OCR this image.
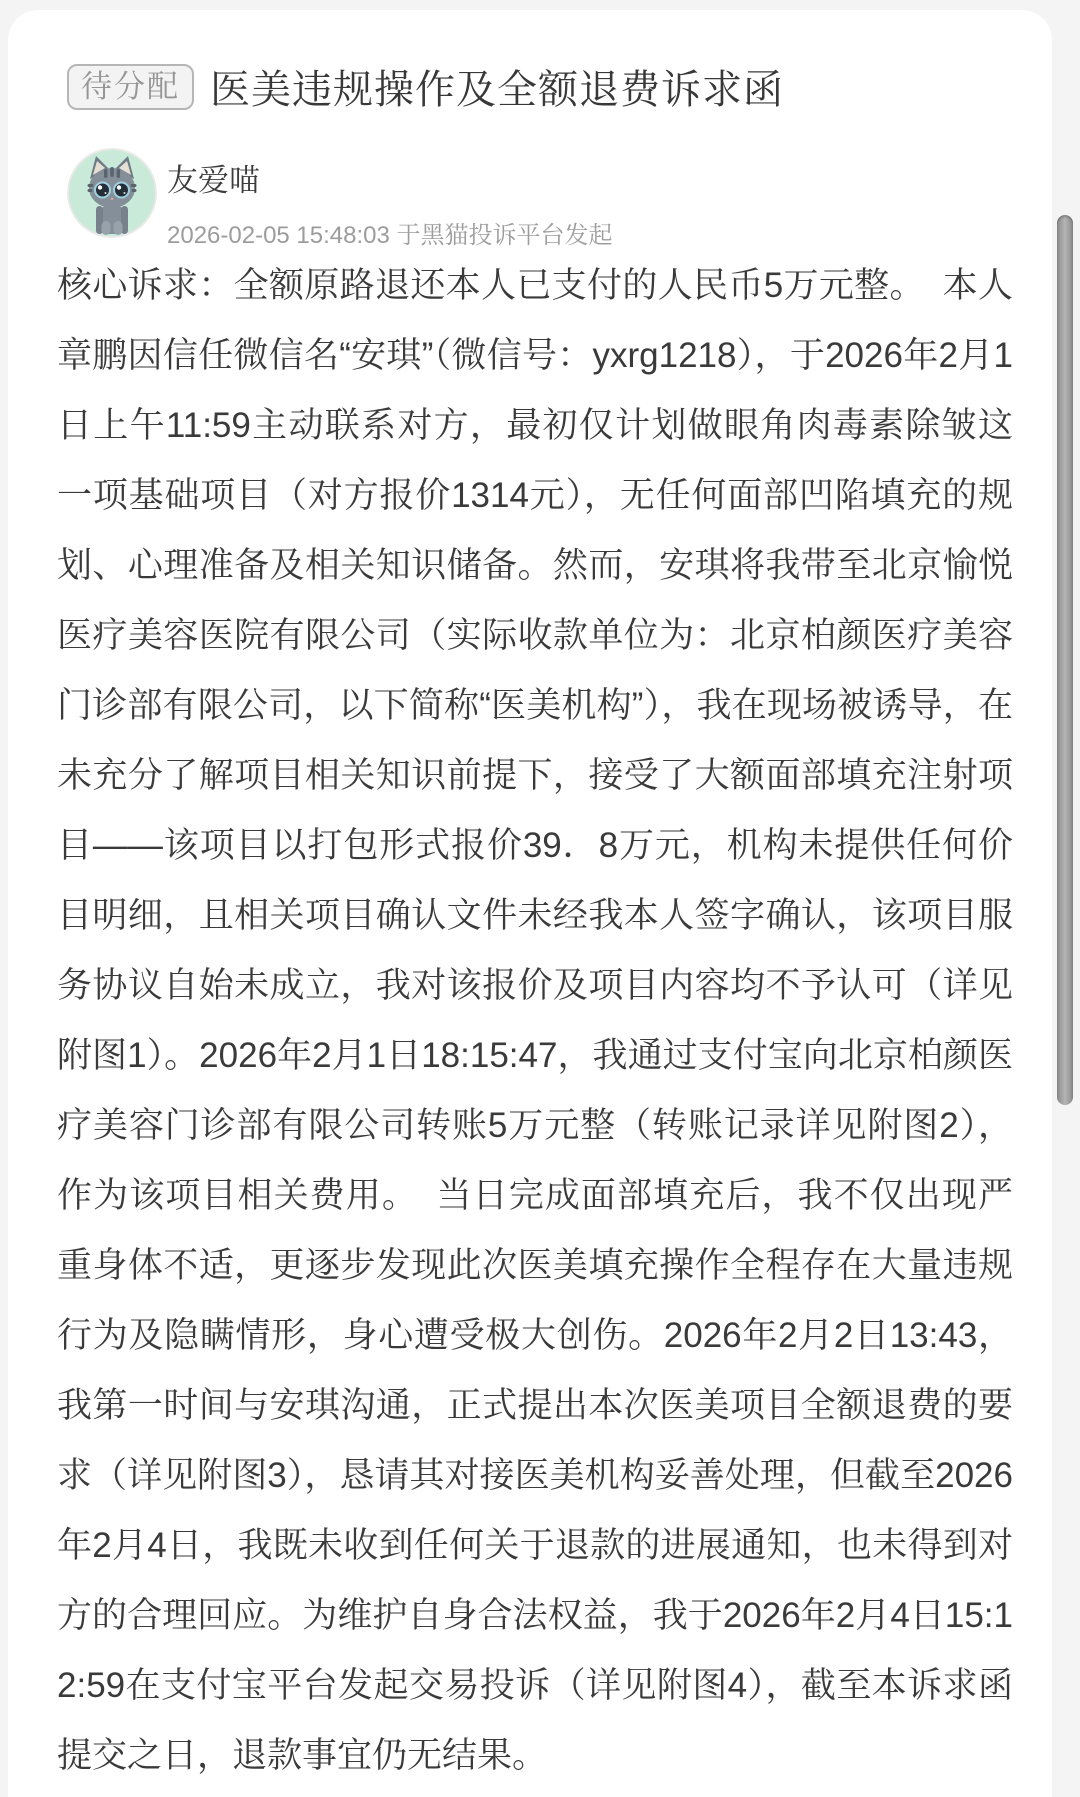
待分配 医美违规操作及全额退费诉求函
友爱喵
2026-02-05 15:48:03 于黑猫投诉平台发起
核心诉求：全额原路退还本人已支付的人民币5万元整。　本人章鹏因信任微信名“安琪”（微信号：yxrg1218），于2026年2月1日上午11:59主动联系对方，最初仅计划做眼角肉毒素除皱这一项基础项目（对方报价1314元），无任何面部凹陷填充的规划、心理准备及相关知识储备。然而，安琪将我带至北京愉悦医疗美容医院有限公司（实际收款单位为：北京柏颜医疗美容门诊部有限公司，以下简称“医美机构”），我在现场被诱导，在未充分了解项目相关知识前提下，接受了大额面部填充注射项目——该项目以打包形式报价39．8万元，机构未提供任何价目明细，且相关项目确认文件未经我本人签字确认，该项目服务协议自始未成立，我对该报价及项目内容均不予认可（详见附图1）。2026年2月1日18:15:47，我通过支付宝向北京柏颜医疗美容门诊部有限公司转账5万元整（转账记录详见附图2），作为该项目相关费用。　当日完成面部填充后，我不仅出现严重身体不适，更逐步发现此次医美填充操作全程存在大量违规行为及隐瞒情形，身心遭受极大创伤。2026年2月2日13:43，我第一时间与安琪沟通，正式提出本次医美项目全额退费的要求（详见附图3），恳请其对接医美机构妥善处理，但截至2026年2月4日，我既未收到任何关于退款的进展通知，也未得到对方的合理回应。为维护自身合法权益，我于2026年2月4日15:12:59在支付宝平台发起交易投诉（详见附图4），截至本诉求函提交之日，退款事宜仍无结果。
